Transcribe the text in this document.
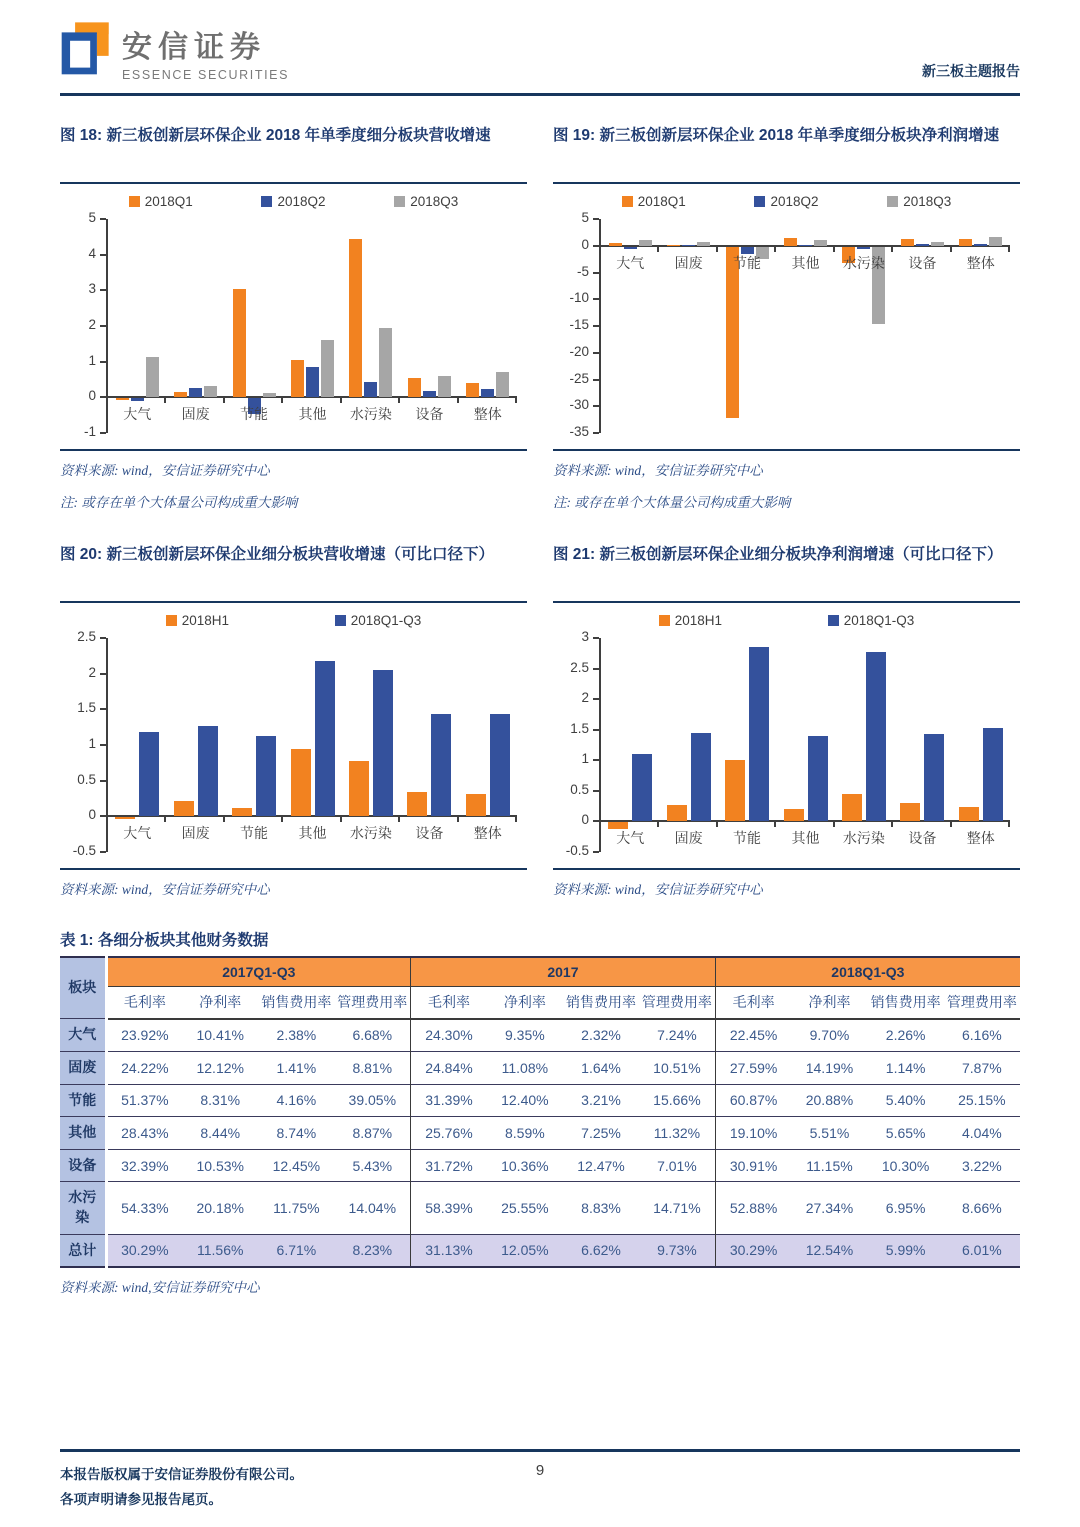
安信证券
ESSENCE SECURITIES	新三板主题报告
图 18: 新三板创新层环保企业 2018 年单季度细分板块营收增速
2018Q1	2018Q2	2018Q3
5
4
3
2
1
0
-1
大气	固废	节能	其他	水污染	设备	整体
资料来源: wind，安信证券研究中心
注: 或存在单个大体量公司构成重大影响
图 19: 新三板创新层环保企业 2018 年单季度细分板块净利润增速
2018Q1	2018Q2	2018Q3
5
0
-5
-10
-15
-20
-25
-30
-35
大气	固废	节能	其他	水污染	设备	整体
资料来源: wind，安信证券研究中心
注: 或存在单个大体量公司构成重大影响
图 20: 新三板创新层环保企业细分板块营收增速（可比口径下）
2018H1	2018Q1-Q3
2.5
2
1.5
1
0.5
0
-0.5
大气	固废	节能	其他	水污染	设备	整体
资料来源: wind，安信证券研究中心
图 21: 新三板创新层环保企业细分板块净利润增速（可比口径下）
2018H1	2018Q1-Q3
3
2.5
2
1.5
1
0.5
0
-0.5
大气	固废	节能	其他	水污染	设备	整体
资料来源: wind，安信证券研究中心
表 1: 各细分板块其他财务数据
板块	2017Q1-Q3				2017				2018Q1-Q3			
	毛利率	净利率	销售费用率	管理费用率	毛利率	净利率	销售费用率	管理费用率	毛利率	净利率	销售费用率	管理费用率
大气	23.92%	10.41%	2.38%	6.68%	24.30%	9.35%	2.32%	7.24%	22.45%	9.70%	2.26%	6.16%
固废	24.22%	12.12%	1.41%	8.81%	24.84%	11.08%	1.64%	10.51%	27.59%	14.19%	1.14%	7.87%
节能	51.37%	8.31%	4.16%	39.05%	31.39%	12.40%	3.21%	15.66%	60.87%	20.88%	5.40%	25.15%
其他	28.43%	8.44%	8.74%	8.87%	25.76%	8.59%	7.25%	11.32%	19.10%	5.51%	5.65%	4.04%
设备	32.39%	10.53%	12.45%	5.43%	31.72%	10.36%	12.47%	7.01%	30.91%	11.15%	10.30%	3.22%
水污染	54.33%	20.18%	11.75%	14.04%	58.39%	25.55%	8.83%	14.71%	52.88%	27.34%	6.95%	8.66%
总计	30.29%	11.56%	6.71%	8.23%	31.13%	12.05%	6.62%	9.73%	30.29%	12.54%	5.99%	6.01%
资料来源: wind,安信证券研究中心
本报告版权属于安信证券股份有限公司。
各项声明请参见报告尾页。
9
